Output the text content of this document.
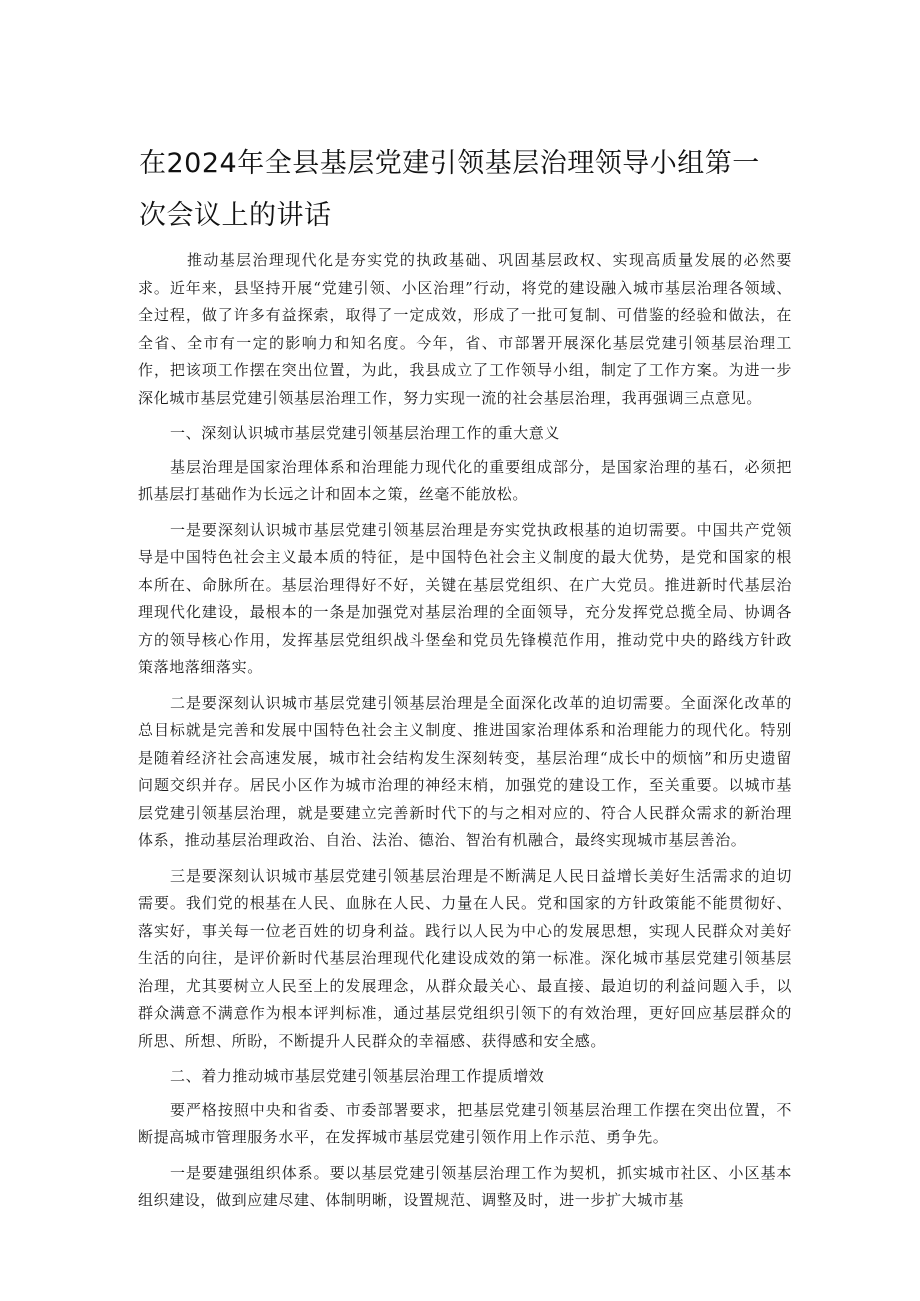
在2024年全县基层党建引领基层治理领导小组第一次会议上的讲话

推动基层治理现代化是夯实党的执政基础、巩固基层政权、实现高质量发展的必然要求。近年来，县坚持开展“党建引领、小区治理”行动，将党的建设融入城市基层治理各领域、全过程，做了许多有益探索，取得了一定成效，形成了一批可复制、可借鉴的经验和做法，在全省、全市有一定的影响力和知名度。今年，省、市部署开展深化基层党建引领基层治理工作，把该项工作摆在突出位置，为此，我县成立了工作领导小组，制定了工作方案。为进一步深化城市基层党建引领基层治理工作，努力实现一流的社会基层治理，我再强调三点意见。

一、深刻认识城市基层党建引领基层治理工作的重大意义

基层治理是国家治理体系和治理能力现代化的重要组成部分，是国家治理的基石，必须把抓基层打基础作为长远之计和固本之策，丝毫不能放松。

一是要深刻认识城市基层党建引领基层治理是夯实党执政根基的迫切需要。中国共产党领导是中国特色社会主义最本质的特征，是中国特色社会主义制度的最大优势，是党和国家的根本所在、命脉所在。基层治理得好不好，关键在基层党组织、在广大党员。推进新时代基层治理现代化建设，最根本的一条是加强党对基层治理的全面领导，充分发挥党总揽全局、协调各方的领导核心作用，发挥基层党组织战斗堡垒和党员先锋模范作用，推动党中央的路线方针政策落地落细落实。

二是要深刻认识城市基层党建引领基层治理是全面深化改革的迫切需要。全面深化改革的总目标就是完善和发展中国特色社会主义制度、推进国家治理体系和治理能力的现代化。特别是随着经济社会高速发展，城市社会结构发生深刻转变，基层治理“成长中的烦恼”和历史遗留问题交织并存。居民小区作为城市治理的神经末梢，加强党的建设工作，至关重要。以城市基层党建引领基层治理，就是要建立完善新时代下的与之相对应的、符合人民群众需求的新治理体系，推动基层治理政治、自治、法治、德治、智治有机融合，最终实现城市基层善治。

三是要深刻认识城市基层党建引领基层治理是不断满足人民日益增长美好生活需求的迫切需要。我们党的根基在人民、血脉在人民、力量在人民。党和国家的方针政策能不能贯彻好、落实好，事关每一位老百姓的切身利益。践行以人民为中心的发展思想，实现人民群众对美好生活的向往，是评价新时代基层治理现代化建设成效的第一标准。深化城市基层党建引领基层治理，尤其要树立人民至上的发展理念，从群众最关心、最直接、最迫切的利益问题入手，以群众满意不满意作为根本评判标准，通过基层党组织引领下的有效治理，更好回应基层群众的所思、所想、所盼，不断提升人民群众的幸福感、获得感和安全感。

二、着力推动城市基层党建引领基层治理工作提质增效

要严格按照中央和省委、市委部署要求，把基层党建引领基层治理工作摆在突出位置，不断提高城市管理服务水平，在发挥城市基层党建引领作用上作示范、勇争先。

一是要建强组织体系。要以基层党建引领基层治理工作为契机，抓实城市社区、小区基本组织建设，做到应建尽建、体制明晰，设置规范、调整及时，进一步扩大城市基
